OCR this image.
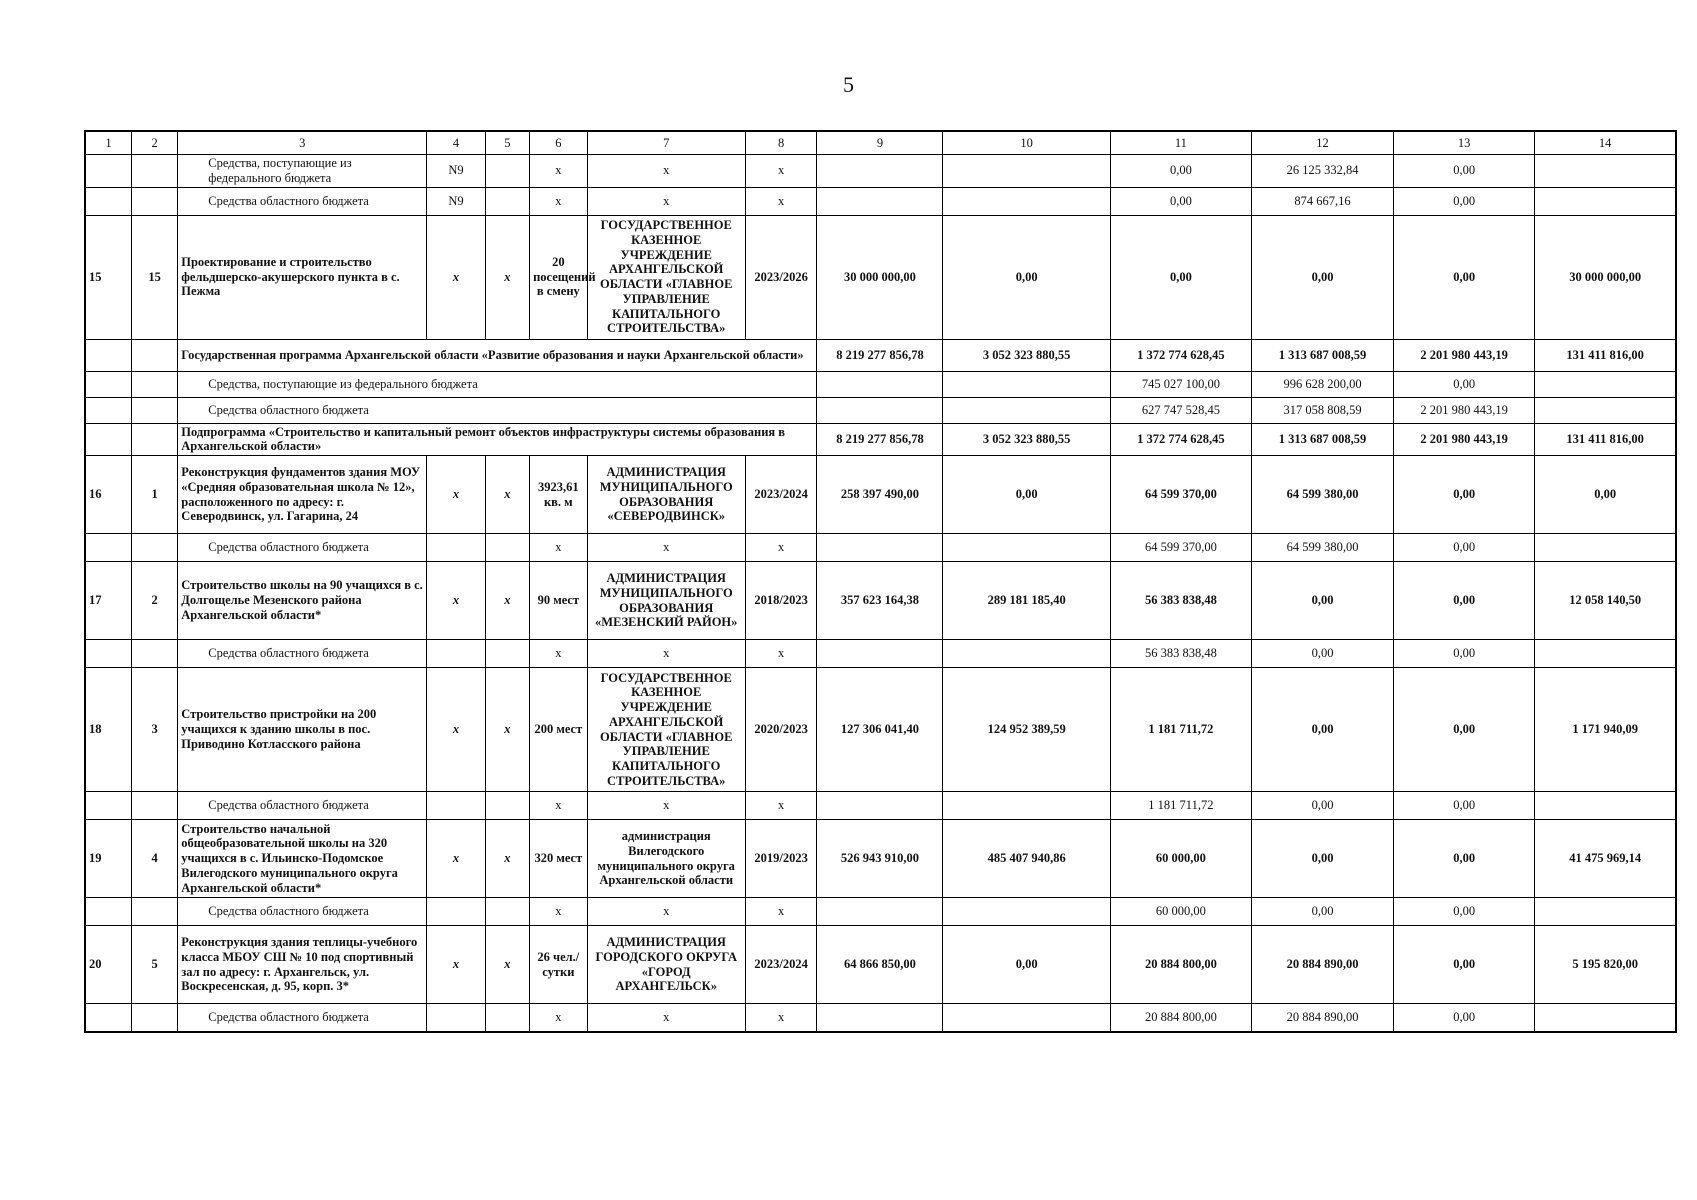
5
1	2	3	4	5	6	7	8	9	10	11	12	13	14
		Средства, поступающие из федерального бюджета	N9		x	x	x			0,00	26 125 332,84	0,00	
		Средства областного бюджета	N9		x	x	x			0,00	874 667,16	0,00	
15	15	Проектирование и строительство фельдшерско-акушерского пункта в с. Пежма	x	x	20 посещений в смену	ГОСУДАРСТВЕННОЕ КАЗЕННОЕ УЧРЕЖДЕНИЕ АРХАНГЕЛЬСКОЙ ОБЛАСТИ «ГЛАВНОЕ УПРАВЛЕНИЕ КАПИТАЛЬНОГО СТРОИТЕЛЬСТВА»	2023/2026	30 000 000,00	0,00	0,00	0,00	0,00	30 000 000,00
		Государственная программа Архангельской области «Развитие образования и науки Архангельской области»						8 219 277 856,78	3 052 323 880,55	1 372 774 628,45	1 313 687 008,59	2 201 980 443,19	131 411 816,00
		Средства, поступающие из федерального бюджета								745 027 100,00	996 628 200,00	0,00	
		Средства областного бюджета								627 747 528,45	317 058 808,59	2 201 980 443,19	
		Подпрограмма «Строительство и капитальный ремонт объектов инфраструктуры системы образования в Архангельской области»						8 219 277 856,78	3 052 323 880,55	1 372 774 628,45	1 313 687 008,59	2 201 980 443,19	131 411 816,00
16	1	Реконструкция фундаментов здания МОУ «Средняя образовательная школа № 12», расположенного по адресу: г. Северодвинск, ул. Гагарина, 24	x	x	3923,61 кв. м	АДМИНИСТРАЦИЯ МУНИЦИПАЛЬНОГО ОБРАЗОВАНИЯ «СЕВЕРОДВИНСК»	2023/2024	258 397 490,00	0,00	64 599 370,00	64 599 380,00	0,00	0,00
		Средства областного бюджета			x	x	x			64 599 370,00	64 599 380,00	0,00	
17	2	Строительство школы на 90 учащихся в с. Долгощелье Мезенского района Архангельской области*	x	x	90 мест	АДМИНИСТРАЦИЯ МУНИЦИПАЛЬНОГО ОБРАЗОВАНИЯ «МЕЗЕНСКИЙ РАЙОН»	2018/2023	357 623 164,38	289 181 185,40	56 383 838,48	0,00	0,00	12 058 140,50
		Средства областного бюджета			x	x	x			56 383 838,48	0,00	0,00	
18	3	Строительство пристройки на 200 учащихся к зданию школы в пос. Приводино Котласского района	x	x	200 мест	ГОСУДАРСТВЕННОЕ КАЗЕННОЕ УЧРЕЖДЕНИЕ АРХАНГЕЛЬСКОЙ ОБЛАСТИ «ГЛАВНОЕ УПРАВЛЕНИЕ КАПИТАЛЬНОГО СТРОИТЕЛЬСТВА»	2020/2023	127 306 041,40	124 952 389,59	1 181 711,72	0,00	0,00	1 171 940,09
		Средства областного бюджета			x	x	x			1 181 711,72	0,00	0,00	
19	4	Строительство начальной общеобразовательной школы на 320 учащихся в с. Ильинско-Подомское Вилегодского муниципального округа Архангельской области*	x	x	320 мест	администрация Вилегодского муниципального округа Архангельской области	2019/2023	526 943 910,00	485 407 940,86	60 000,00	0,00	0,00	41 475 969,14
		Средства областного бюджета			x	x	x			60 000,00	0,00	0,00	
20	5	Реконструкция здания теплицы-учебного класса МБОУ СШ № 10 под спортивный зал по адресу: г. Архангельск, ул. Воскресенская, д. 95, корп. 3*	x	x	26 чел./сутки	АДМИНИСТРАЦИЯ ГОРОДСКОГО ОКРУГА «ГОРОД АРХАНГЕЛЬСК»	2023/2024	64 866 850,00	0,00	20 884 800,00	20 884 890,00	0,00	5 195 820,00
		Средства областного бюджета			x	x	x			20 884 800,00	20 884 890,00	0,00	
